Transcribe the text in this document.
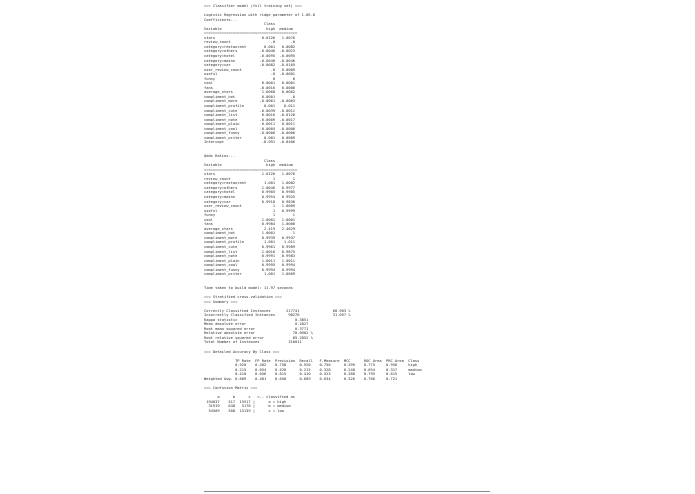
=== Classifier model (full training set) ===
Logistic Regression with ridge parameter of 1.0E-8
Coefficients...
Class
Variable                    high  medium
==========================================
stars                     0.0126   1.0076
review_count                  -0       -0
category=restaurant        0.001   0.0082
category=others          -0.0046  -0.0023
category=hotel           -0.0095  -0.0095
category=mainn           -0.0046  -0.0046
category=car             -0.0082  -0.0165
user_review_count             -0   0.0009
useful                        -0  -0.0001
funny                          0        0
cool                      0.0001   0.0001
fans                     -0.0016   0.0006
average_stars             1.0068   0.0062
compliment_hot            0.0001       -0
compliment_more          -0.0061  -0.0063
compliment_profile         0.001    0.011
compliment_cute          -0.0039  -0.0011
compliment_list           0.0016  -0.0126
compliment_note          -0.0009  -0.0017
compliment_plain          0.0011   0.0011
compliment_cool          -0.0005  -0.0006
compliment_funny         -0.0006  -0.0006
compliment_writer          0.001   0.0009
Intercept                 -8.091  -0.8406
Odds Ratios...
Class
Variable                    high  medium
==========================================
stars                     1.0126   1.0076
review_count                   1        1
category=restaurant        1.001   1.0082
category=others           1.0046   0.9977
category=hotel            0.9905   0.9905
category=mainn            0.9954   0.9925
category=car              0.9918   0.9836
user_review_count              1   1.0009
useful                         1   0.9999
funny                          1        1
cool                      1.0001   1.0001
fans                      0.9984   1.0006
average_stars              2.419   2.4629
compliment_hot            1.0001        1
compliment_more           0.9939   0.9937
compliment_profile         1.001    1.011
compliment_cute           0.9961   0.9989
compliment_list           1.0016   0.9875
compliment_note           0.9991   0.9983
compliment_plain          1.0011   1.0011
compliment_cool           0.9995   0.9994
compliment_funny          0.9994   0.9994
compliment_writer          1.001   1.0009
Time taken to build model: 11.97 seconds
=== Stratified cross-validation ===
=== Summary ===
Correctly Classified Instances       217741               68.903 %
Incorrectly Classified Instances      98270               31.097 %
Kappa statistic                          0.3851
Mean absolute error                      0.2827
Root mean squared error                  0.3771
Relative absolute error                 70.0902 %
Root relative squared error             85.2852 %
Total Number of Instances             316011
=== Detailed Accuracy By Class ===
TP Rate  FP Rate  Precision  Recall   F-Measure  MCC      ROC Area  PRC Area  Class
0.920    0.482    0.758      0.920    0.750      0.399    0.775     0.950     high
0.215    0.054    0.528      0.215    0.328      0.248    0.654     0.317     medium
0.410    0.056    0.615      0.410    0.523      0.380    0.795     0.615     low
Weighted Avg. 0.689    0.481    0.658      0.689    0.634      0.326    0.766     0.721
=== Confusion Matrix ===
a      b      c   <-- classified as
194037    517  15517 |      a = high
31919    648   5178 |      b = medium
54509    508  15139 |      c = low
